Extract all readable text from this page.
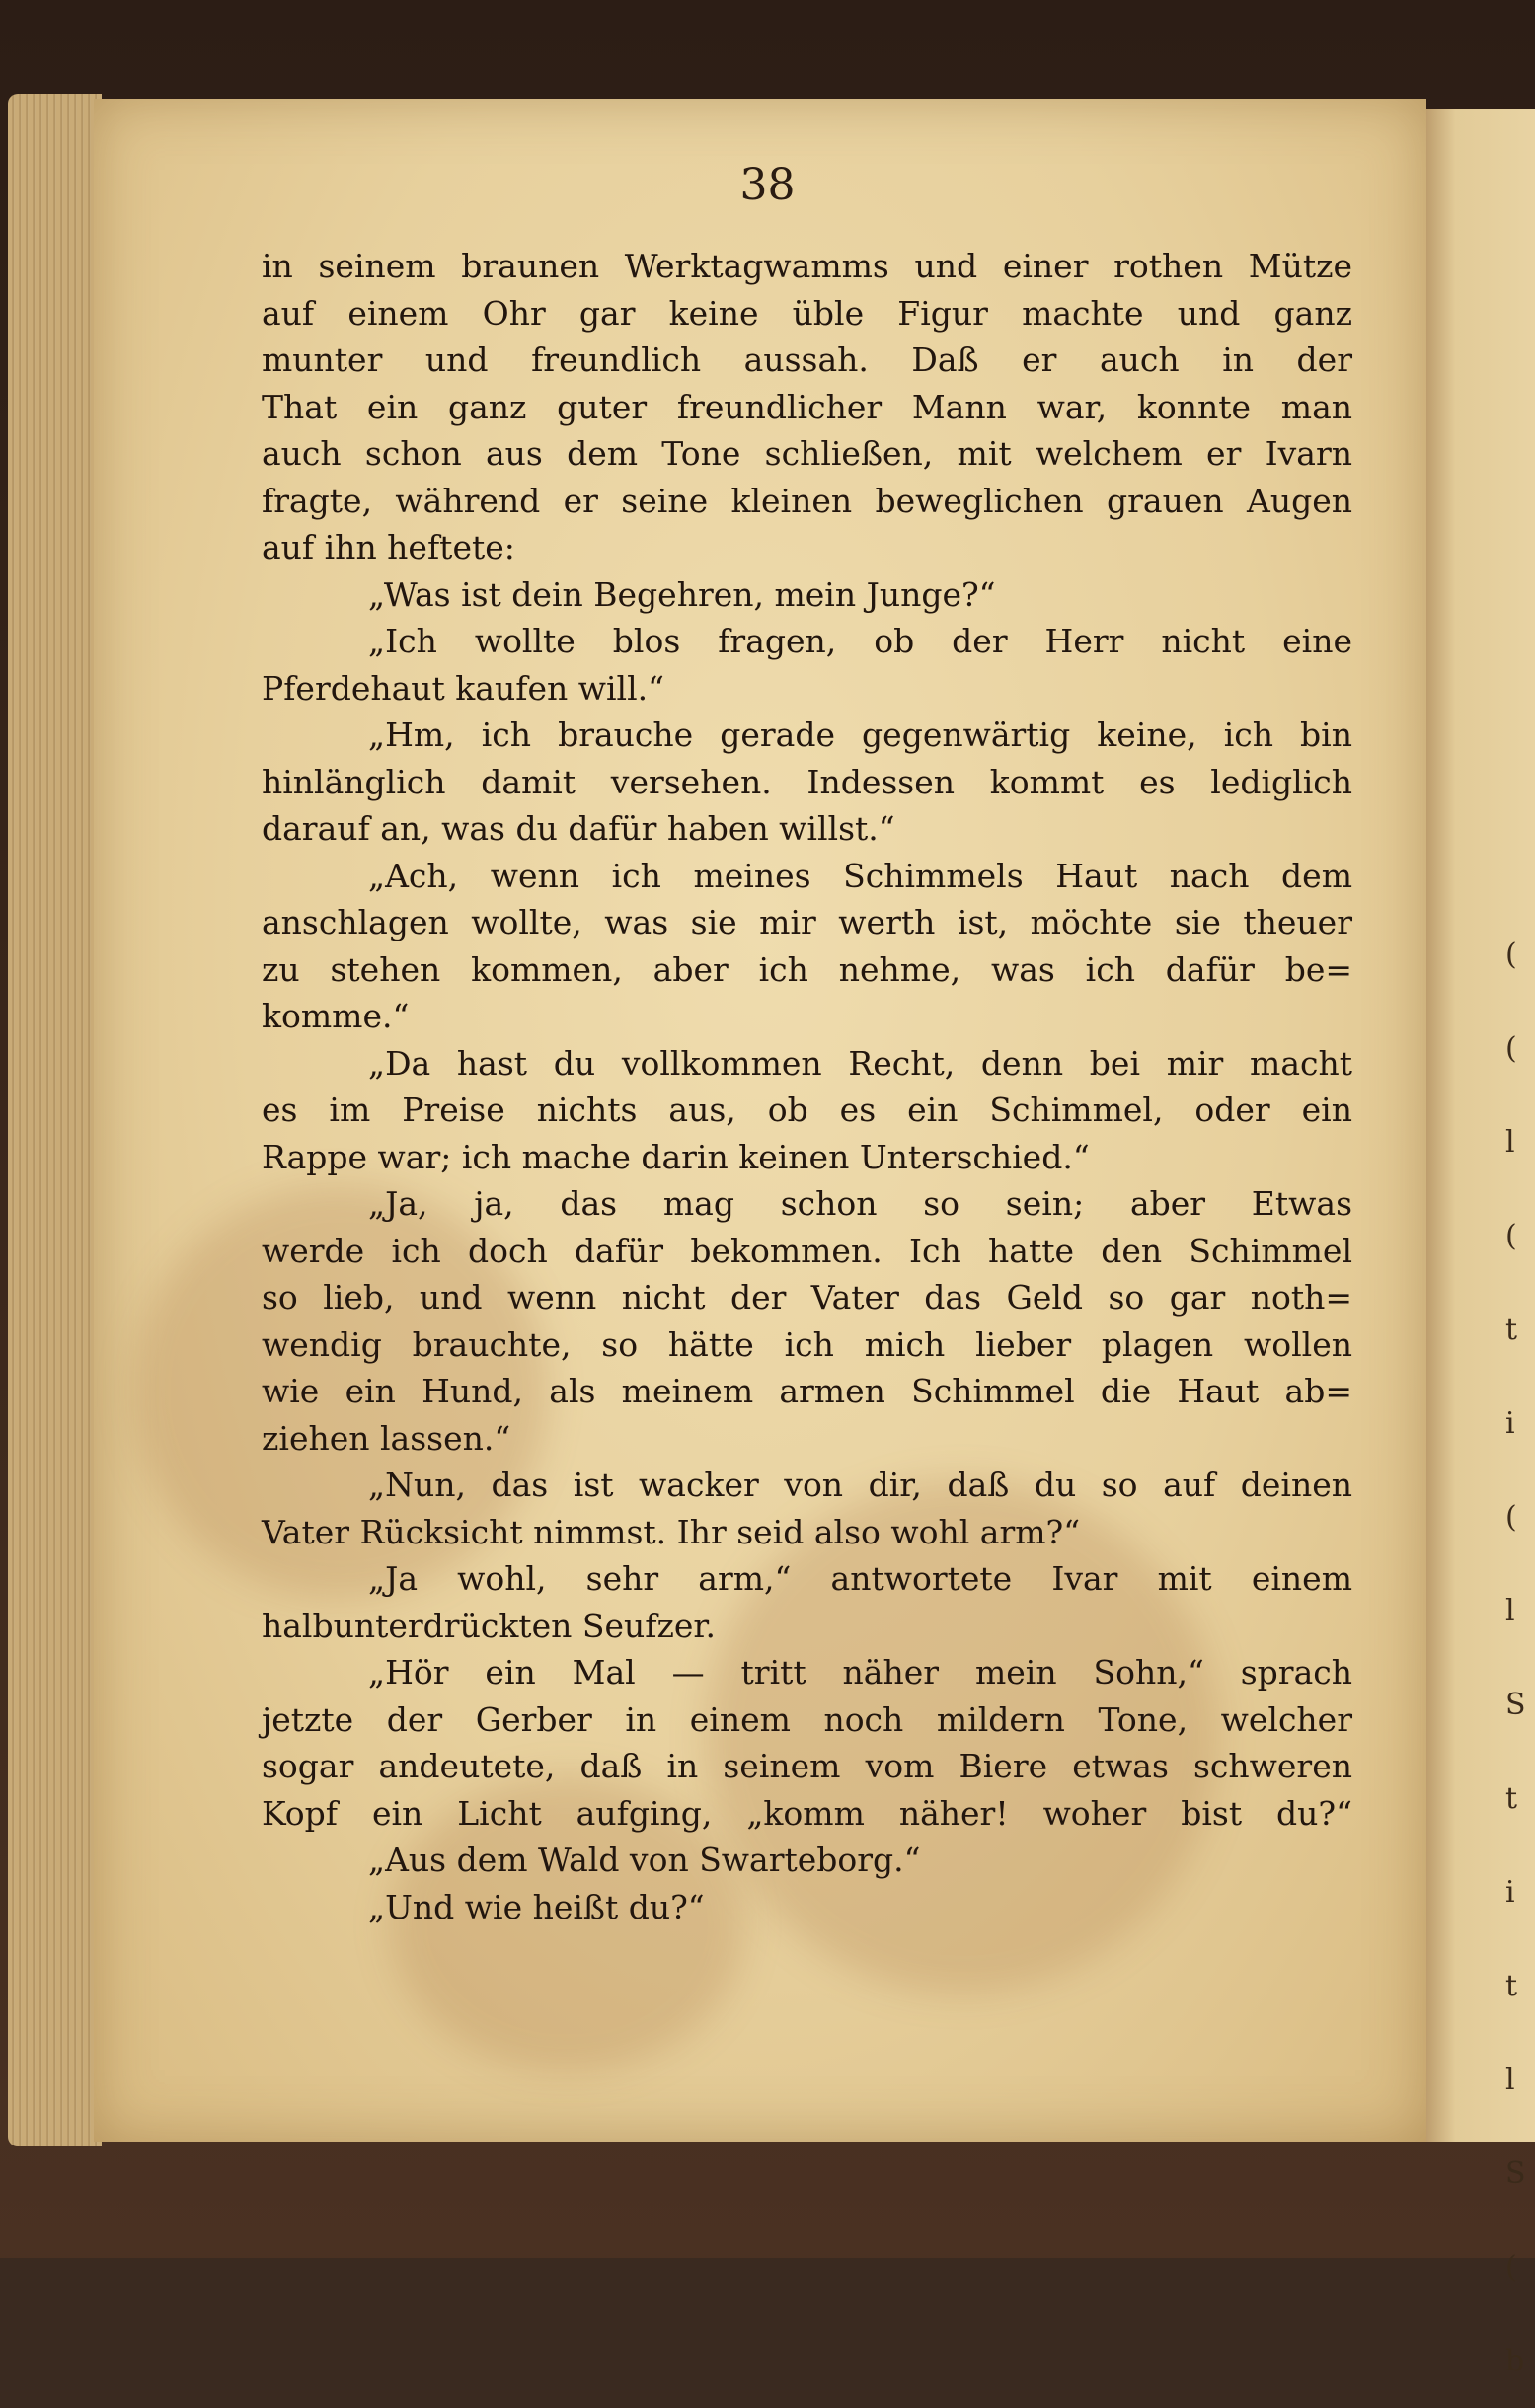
38
in seinem braunen Werktagwamms und einer rothen Mütze
auf einem Ohr gar keine üble Figur machte und ganz
munter und freundlich aussah. Daß er auch in der
That ein ganz guter freundlicher Mann war, konnte man
auch schon aus dem Tone schließen, mit welchem er Ivarn
fragte, während er seine kleinen beweglichen grauen Augen
auf ihn heftete:
„Was ist dein Begehren, mein Junge?“
„Ich wollte blos fragen, ob der Herr nicht eine
Pferdehaut kaufen will.“
„Hm, ich brauche gerade gegenwärtig keine, ich bin
hinlänglich damit versehen. Indessen kommt es lediglich
darauf an, was du dafür haben willst.“
„Ach, wenn ich meines Schimmels Haut nach dem
anschlagen wollte, was sie mir werth ist, möchte sie theuer
zu stehen kommen, aber ich nehme, was ich dafür be=
komme.“
„Da hast du vollkommen Recht, denn bei mir macht
es im Preise nichts aus, ob es ein Schimmel, oder ein
Rappe war; ich mache darin keinen Unterschied.“
„Ja, ja, das mag schon so sein; aber Etwas
werde ich doch dafür bekommen. Ich hatte den Schimmel
so lieb, und wenn nicht der Vater das Geld so gar noth=
wendig brauchte, so hätte ich mich lieber plagen wollen
wie ein Hund, als meinem armen Schimmel die Haut ab=
ziehen lassen.“
„Nun, das ist wacker von dir, daß du so auf deinen
Vater Rücksicht nimmst. Ihr seid also wohl arm?“
„Ja wohl, sehr arm,“ antwortete Ivar mit einem
halbunterdrückten Seufzer.
„Hör ein Mal — tritt näher mein Sohn,“ sprach
jetzte der Gerber in einem noch mildern Tone, welcher
sogar andeutete, daß in seinem vom Biere etwas schweren
Kopf ein Licht aufging, „komm näher! woher bist du?“
„Aus dem Wald von Swarteborg.“
„Und wie heißt du?“
(
(
l
(
t
i
(
l
S
t
i
t
l
S
(
b
